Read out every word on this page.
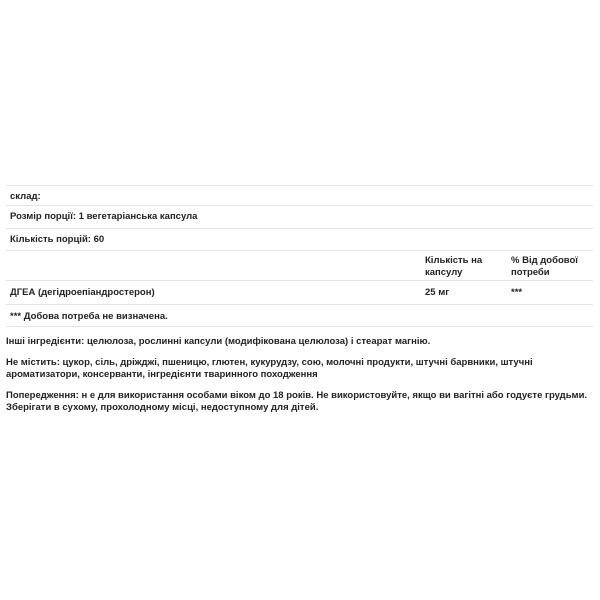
склад:
Розмір порції: 1 вегетаріанська капсула
Кількість порцій: 60
Кількість на капсулу
% Від добової потреби
ДГЕА (дегідроепіандростерон)	25 мг	***
*** Добова потреба не визначена.
Інші інгредієнти: целюлоза, рослинні капсули (модифікована целюлоза) і стеарат магнію.
Не містить: цукор, сіль, дріжджі, пшеницю, глютен, кукурудзу, сою, молочні продукти, штучні барвники, штучні ароматизатори, консерванти, інгредієнти тваринного походження
Попередження: н е для використання особами віком до 18 років. Не використовуйте, якщо ви вагітні або годуєте грудьми. Зберігати в сухому, прохолодному місці, недоступному для дітей.
